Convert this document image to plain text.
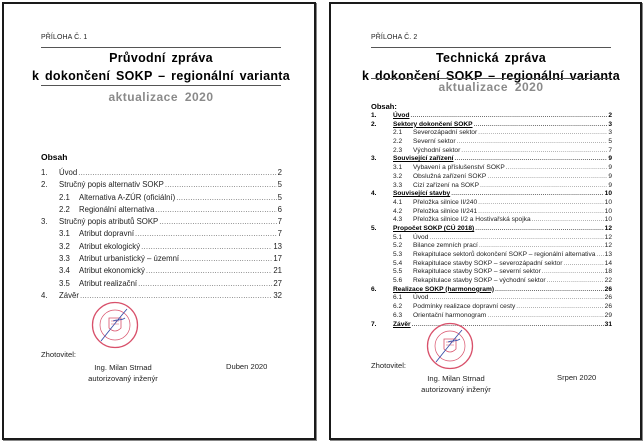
PŘÍLOHA Č. 1
Průvodní zpráva
k dokončení SOKP – regionální varianta
aktualizace 2020
Obsah
1.	Úvod .....	2
2.	Stručný popis alternativ SOKP .....	5
2.1	Alternativa A-ZÚR (oficiální) .....	5
2.2	Regionální alternativa .....	6
3.	Stručný popis atributů SOKP .....	7
3.1	Atribut dopravní .....	7
3.2	Atribut ekologický .....	13
3.3	Atribut urbanistický – územní .....	17
3.4	Atribut ekonomický .....	21
3.5	Atribut realizační .....	27
4.	Závěr .....	32
Zhotovitel:
Ing. Milan Strnad
autorizovaný inženýr
Duben 2020
PŘÍLOHA Č. 2
Technická zpráva
k dokončení SOKP – regionální varianta
aktualizace 2020
Obsah:
1.	Úvod .....	2
2.	Sektory dokončení SOKP .....	3
2.1	Severozápadní sektor .....	3
2.2	Severní sektor .....	5
2.3	Východní sektor .....	7
3.	Související zařízení .....	9
3.1	Vybavení a příslušenství SOKP .....	9
3.2	Obslužná zařízení SOKP .....	9
3.3	Cizí zařízení na SOKP .....	9
4.	Související stavby .....	10
4.1	Přeložka silnice II/240 .....	10
4.2	Přeložka silnice II/241 .....	10
4.3	Přeložka silnice I/2 a Hostivařská spojka .....	10
5.	Propočet SOKP (CÚ 2018) .....	12
5.1	Úvod .....	12
5.2	Bilance zemních prací .....	12
5.3	Rekapitulace sektorů dokončení SOKP – regionální alternativa ..... 13
5.4	Rekapitulace stavby SOKP – severozápadní sektor .....	14
5.5	Rekapitulace stavby SOKP – severní sektor .....	18
5.6	Rekapitulace stavby SOKP – východní sektor .....	22
6.	Realizace SOKP (harmonogram) .....	26
6.1	Úvod .....	26
6.2	Podmínky realizace dopravní cesty .....	26
6.3	Orientační harmonogram .....	29
7.	Závěr .....	31
Zhotovitel:
Ing. Milan Strnad
autorizovaný inženýr
Srpen 2020
